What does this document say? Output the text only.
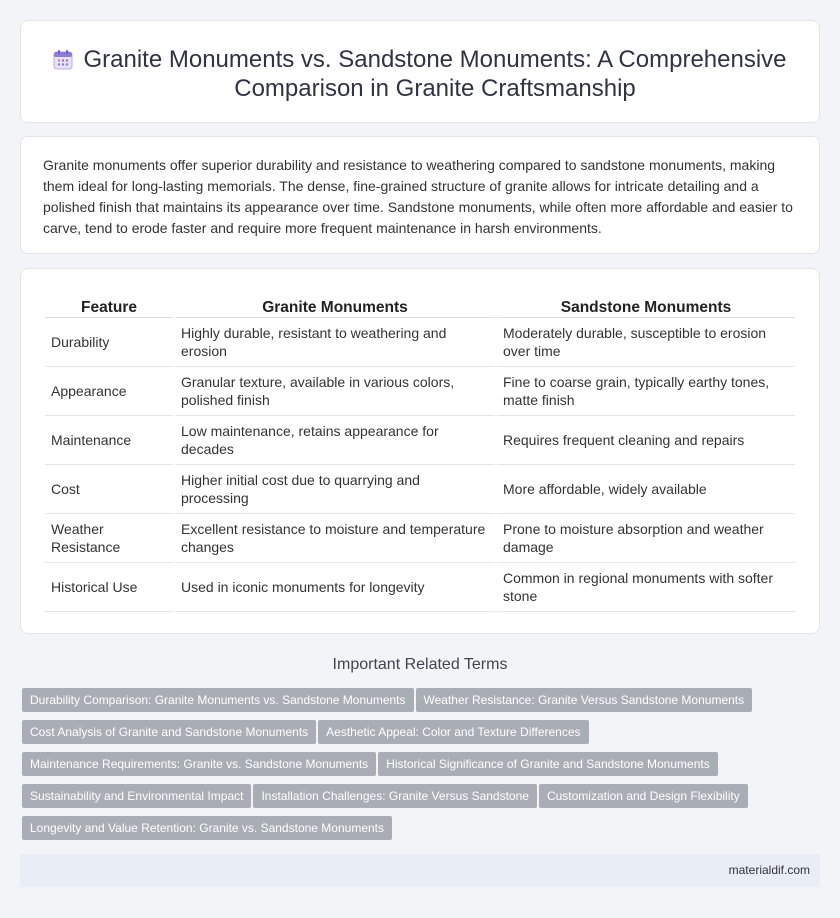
Granite Monuments vs. Sandstone Monuments: A Comprehensive Comparison in Granite Craftsmanship

Granite monuments offer superior durability and resistance to weathering compared to sandstone monuments, making them ideal for long-lasting memorials. The dense, fine-grained structure of granite allows for intricate detailing and a polished finish that maintains its appearance over time. Sandstone monuments, while often more affordable and easier to carve, tend to erode faster and require more frequent maintenance in harsh environments.

Feature	Granite Monuments	Sandstone Monuments
Durability	Highly durable, resistant to weathering and erosion	Moderately durable, susceptible to erosion over time
Appearance	Granular texture, available in various colors, polished finish	Fine to coarse grain, typically earthy tones, matte finish
Maintenance	Low maintenance, retains appearance for decades	Requires frequent cleaning and repairs
Cost	Higher initial cost due to quarrying and processing	More affordable, widely available
Weather Resistance	Excellent resistance to moisture and temperature changes	Prone to moisture absorption and weather damage
Historical Use	Used in iconic monuments for longevity	Common in regional monuments with softer stone
Important Related Terms
Durability Comparison: Granite Monuments vs. Sandstone Monuments	Weather Resistance: Granite Versus Sandstone Monuments
Cost Analysis of Granite and Sandstone Monuments	Aesthetic Appeal: Color and Texture Differences
Maintenance Requirements: Granite vs. Sandstone Monuments	Historical Significance of Granite and Sandstone Monuments
Sustainability and Environmental Impact	Installation Challenges: Granite Versus Sandstone	Customization and Design Flexibility
Longevity and Value Retention: Granite vs. Sandstone Monuments
materialdif.com
